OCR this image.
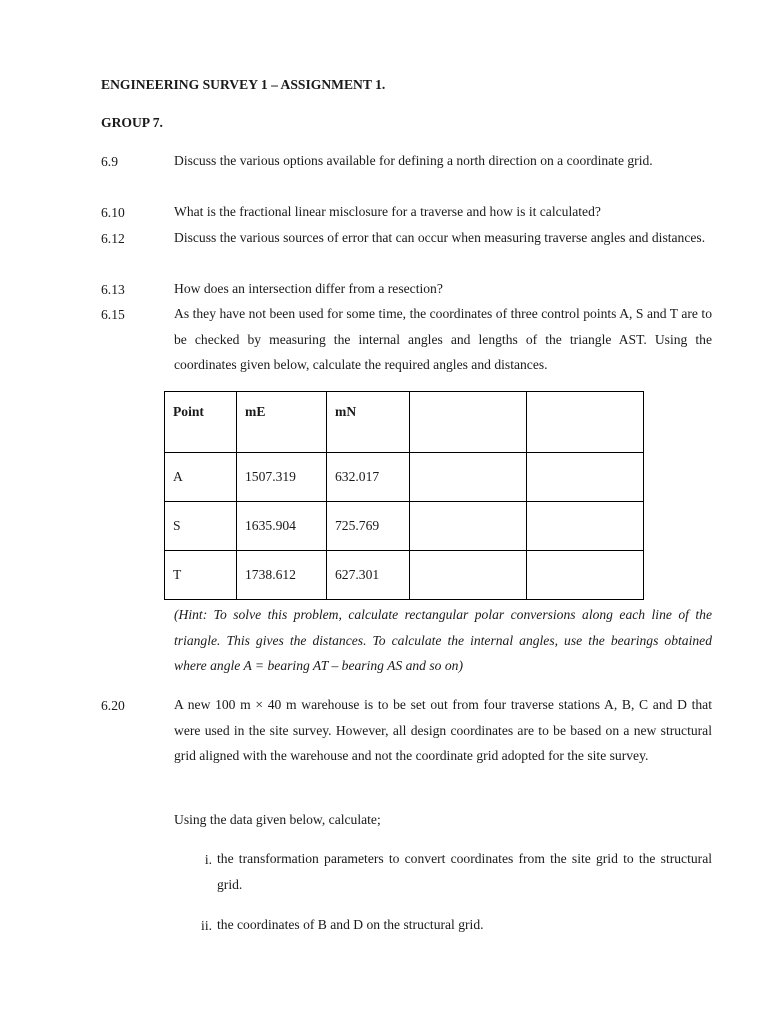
ENGINEERING SURVEY 1 – ASSIGNMENT 1.
GROUP 7.
6.9	Discuss the various options available for defining a north direction on a coordinate grid.
6.10	What is the fractional linear misclosure for a traverse and how is it calculated?
6.12	Discuss the various sources of error that can occur when measuring traverse angles and distances.
6.13	How does an intersection differ from a resection?
6.15	As they have not been used for some time, the coordinates of three control points A, S and T are to be checked by measuring the internal angles and lengths of the triangle AST. Using the coordinates given below, calculate the required angles and distances.
Point	mE	mN		
A	1507.319	632.017		
S	1635.904	725.769		
T	1738.612	627.301		
(Hint: To solve this problem, calculate rectangular polar conversions along each line of the triangle. This gives the distances. To calculate the internal angles, use the bearings obtained where angle A = bearing AT – bearing AS and so on)
6.20	A new 100 m × 40 m warehouse is to be set out from four traverse stations A, B, C and D that were used in the site survey. However, all design coordinates are to be based on a new structural grid aligned with the warehouse and not the coordinate grid adopted for the site survey.
Using the data given below, calculate;
i. the transformation parameters to convert coordinates from the site grid to the structural grid.
ii. the coordinates of B and D on the structural grid.
